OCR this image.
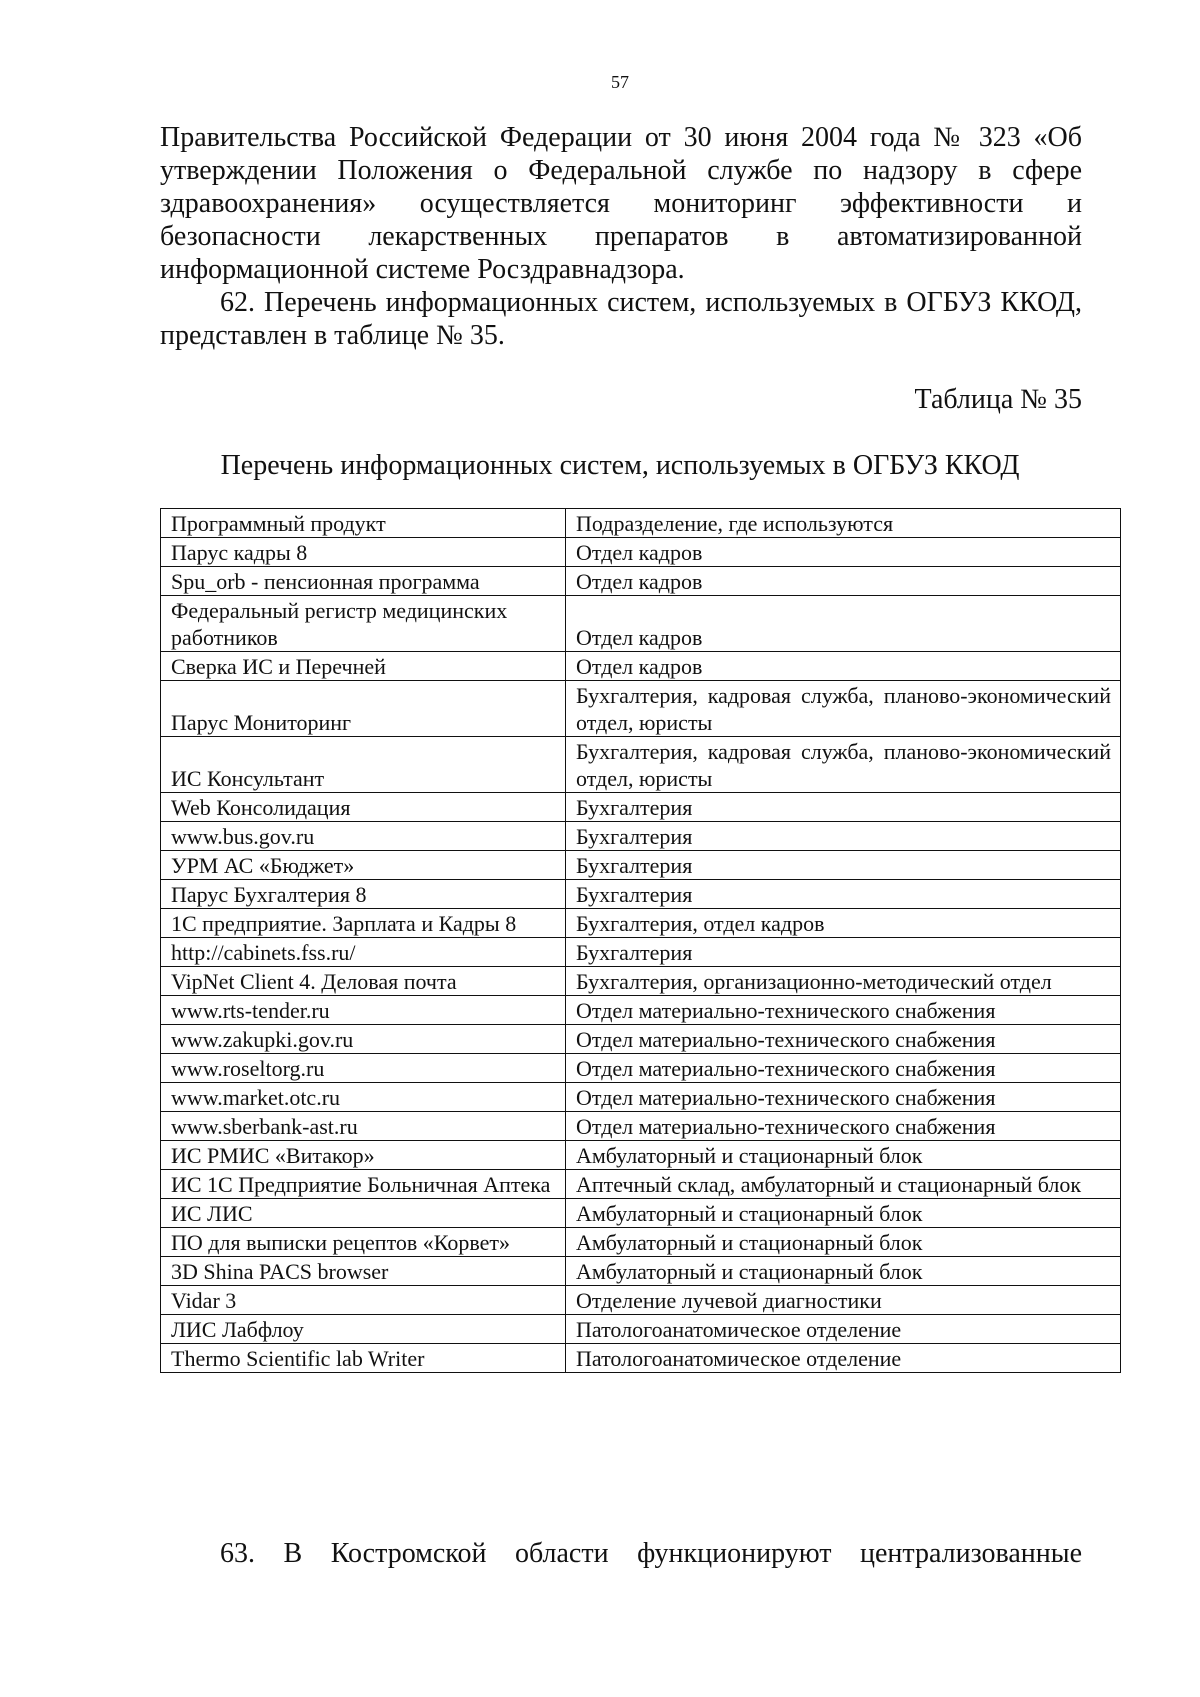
57

Правительства Российской Федерации от 30 июня 2004 года № 323 «Об утверждении Положения о Федеральной службе по надзору в сфере здравоохранения» осуществляется мониторинг эффективности и безопасности лекарственных препаратов в автоматизированной информационной системе Росздравнадзора.

62. Перечень информационных систем, используемых в ОГБУЗ ККОД, представлен в таблице № 35.

Таблица № 35
Перечень информационных систем, используемых в ОГБУЗ ККОД
Программный продукт	Подразделение, где используются
Парус кадры 8	Отдел кадров
Spu_orb - пенсионная программа	Отдел кадров
Федеральный регистр медицинских работников	Отдел кадров
Сверка ИС и Перечней	Отдел кадров
Парус Мониторинг	Бухгалтерия, кадровая служба, планово-экономический отдел, юристы
ИС Консультант	Бухгалтерия, кадровая служба, планово-экономический отдел, юристы
Web Консолидация	Бухгалтерия
www.bus.gov.ru	Бухгалтерия
УРМ АС «Бюджет»	Бухгалтерия
Парус Бухгалтерия 8	Бухгалтерия
1С предприятие. Зарплата и Кадры 8	Бухгалтерия, отдел кадров
http://cabinets.fss.ru/	Бухгалтерия
VipNet Client 4. Деловая почта	Бухгалтерия, организационно-методический отдел
www.rts-tender.ru	Отдел материально-технического снабжения
www.zakupki.gov.ru	Отдел материально-технического снабжения
www.roseltorg.ru	Отдел материально-технического снабжения
www.market.otc.ru	Отдел материально-технического снабжения
www.sberbank-ast.ru	Отдел материально-технического снабжения
ИС РМИС «Витакор»	Амбулаторный и стационарный блок
ИС 1С Предприятие Больничная Аптека	Аптечный склад, амбулаторный и стационарный блок
ИС ЛИС	Амбулаторный и стационарный блок
ПО для выписки рецептов «Корвет»	Амбулаторный и стационарный блок
3D Shina PACS browser	Амбулаторный и стационарный блок
Vidar 3	Отделение лучевой диагностики
ЛИС Лабфлоу	Патологоанатомическое отделение
Thermo Scientific lab Writer	Патологоанатомическое отделение

63. В Костромской области функционируют централизованные
